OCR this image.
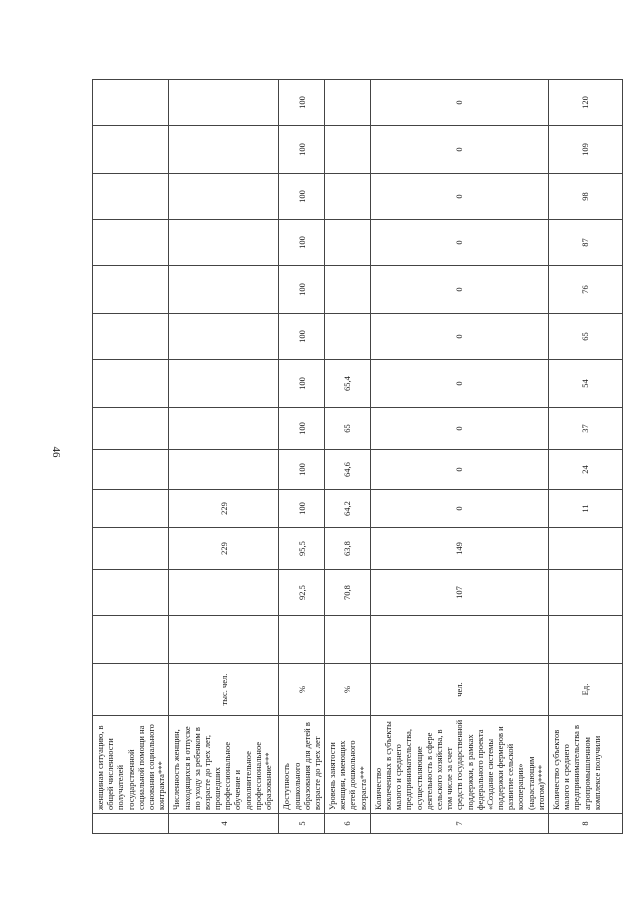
46
	женщинам ситуацию, в общей численности получателей государственной социальной помощи на основании социального контракта***														
4	Численность женщин, находящихся в отпуске по уходу за ребенком в возрасте до трех лет, прошедших профессиональное обучение и дополнительное профессиональное образование***	тыс. чел.			229	229									
5	Доступность дошкольного образования для детей в возрасте до трех лет	%		92,5	95,5	100	100	100	100	100	100	100	100	100	100
6	Уровень занятости женщин, имеющих детей дошкольного возраста***	%		70,8	63,8	64,2	64,6	65	65,4						
7	Количество вовлеченных в субъекты малого и среднего предпринимательства, осуществляющие деятельность в сфере сельского хозяйства, в том числе за счет средств государственной поддержки, в рамках федерального проекта «Создание системы поддержки фермеров и развитие сельской кооперации» (нарастающим итогом)****	чел.		107	149	0	0	0	0	0	0	0	0	0	0
8	Количество субъектов малого и среднего предпринимательства в агропромышленном комплексе получили	Ед.				11	24	37	54	65	76	87	98	109	120
